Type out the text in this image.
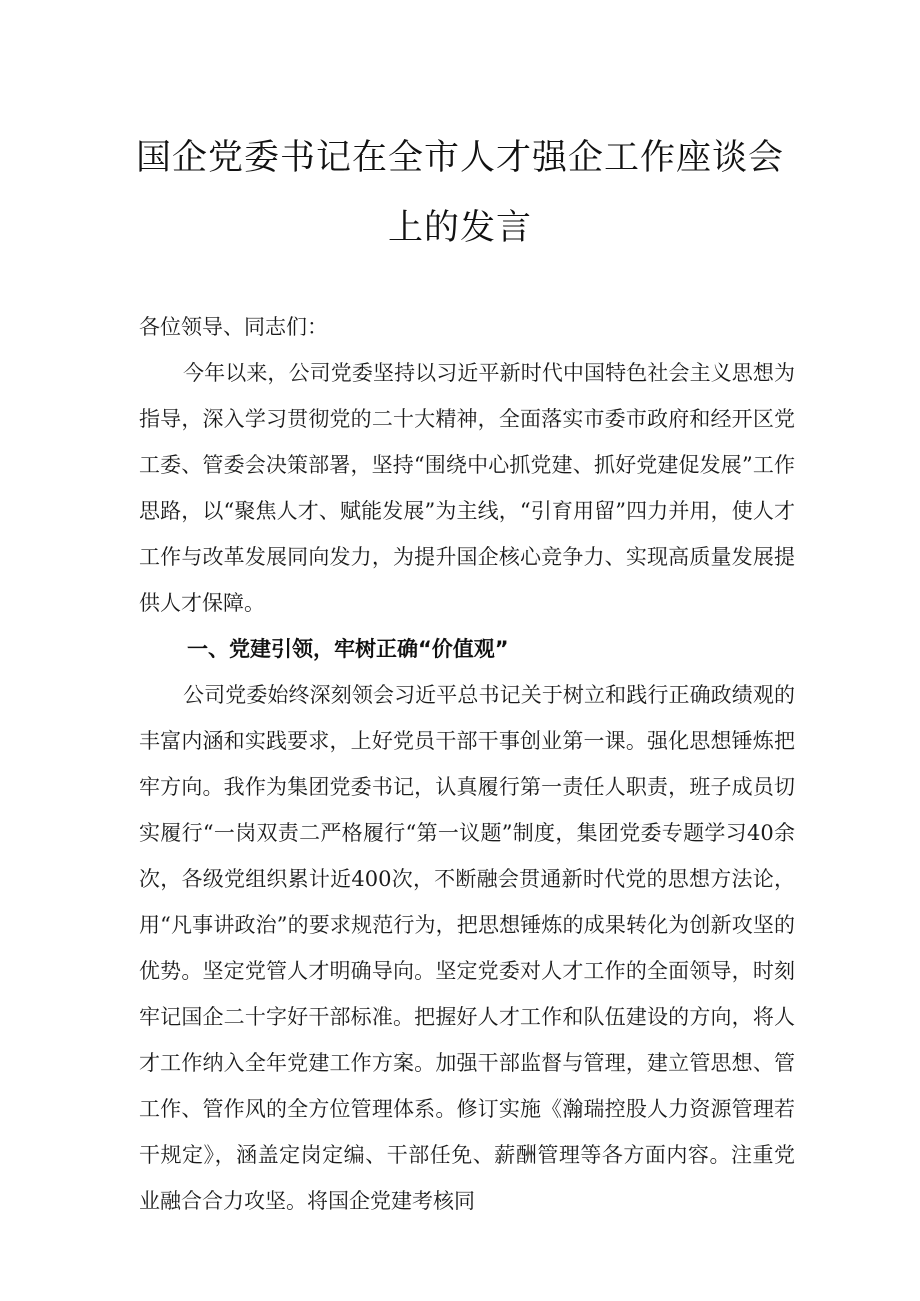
国企党委书记在全市人才强企工作座谈会
上的发言

各位领导、同志们：

今年以来，公司党委坚持以习近平新时代中国特色社会主义思想为指导，深入学习贯彻党的二十大精神，全面落实市委市政府和经开区党工委、管委会决策部署，坚持“围绕中心抓党建、抓好党建促发展”工作思路，以“聚焦人才、赋能发展”为主线，“引育用留”四力并用，使人才工作与改革发展同向发力，为提升国企核心竞争力、实现高质量发展提供人才保障。

一、党建引领，牢树正确“价值观”

公司党委始终深刻领会习近平总书记关于树立和践行正确政绩观的丰富内涵和实践要求，上好党员干部干事创业第一课。强化思想锤炼把牢方向。我作为集团党委书记，认真履行第一责任人职责，班子成员切实履行“一岗双责二严格履行“第一议题”制度，集团党委专题学习40余次，各级党组织累计近400次，不断融会贯通新时代党的思想方法论，用“凡事讲政治”的要求规范行为，把思想锤炼的成果转化为创新攻坚的优势。坚定党管人才明确导向。坚定党委对人才工作的全面领导，时刻牢记国企二十字好干部标准。把握好人才工作和队伍建设的方向，将人才工作纳入全年党建工作方案。加强干部监督与管理，建立管思想、管工作、管作风的全方位管理体系。修订实施《瀚瑞控股人力资源管理若干规定》，涵盖定岗定编、干部任免、薪酬管理等各方面内容。注重党业融合合力攻坚。将国企党建考核同
